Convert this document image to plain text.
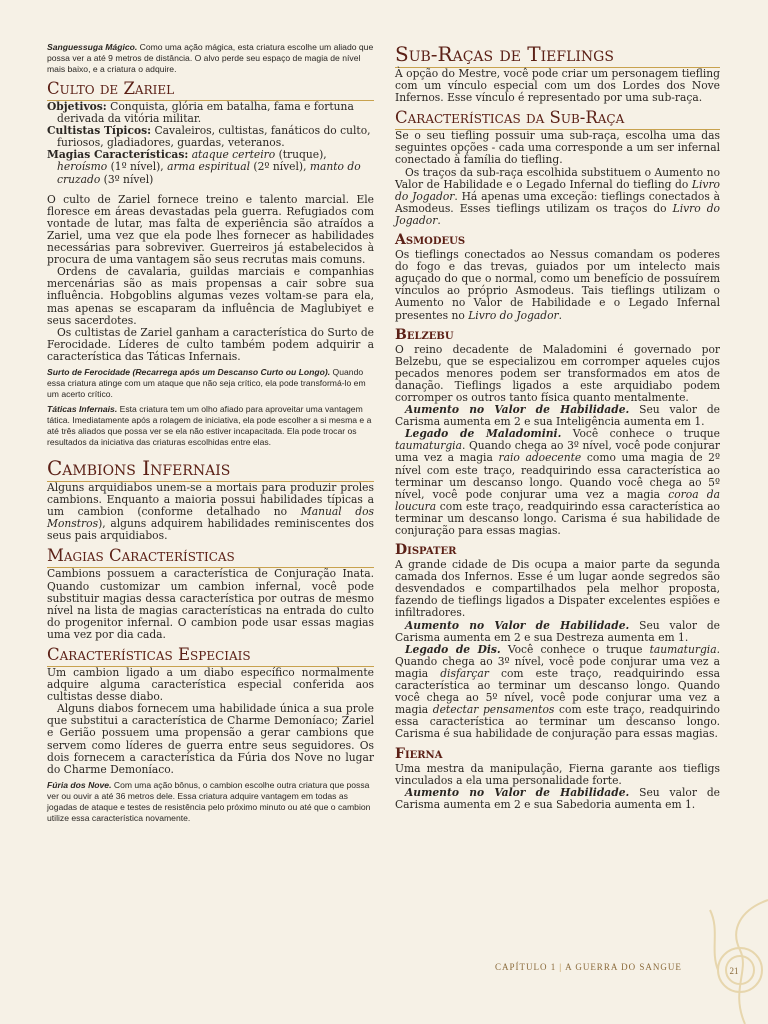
Sanguessuga Mágico. Como uma ação mágica, esta criatura escolhe um aliado que possa ver a até 9 metros de distância. O alvo perde seu espaço de magia de nível mais baixo, e a criatura o adquire.

Culto de Zariel

Objetivos: Conquista, glória em batalha, fama e fortuna derivada da vitória militar.

Cultistas Típicos: Cavaleiros, cultistas, fanáticos do culto, furiosos, gladiadores, guardas, veteranos.

Magias Características: ataque certeiro (truque), heroísmo (1º nível), arma espiritual (2º nível), manto do cruzado (3º nível)

O culto de Zariel fornece treino e talento marcial. Ele floresce em áreas devastadas pela guerra. Refugiados com vontade de lutar, mas falta de experiência são atraídos a Zariel, uma vez que ela pode lhes fornecer as habilidades necessárias para sobreviver. Guerreiros já estabelecidos à procura de uma vantagem são seus recrutas mais comuns.

Ordens de cavalaria, guildas marciais e companhias mercenárias são as mais propensas a cair sobre sua influência. Hobgoblins algumas vezes voltam-se para ela, mas apenas se escaparam da influência de Maglubiyet e seus sacerdotes.

Os cultistas de Zariel ganham a característica do Surto de Ferocidade. Líderes de culto também podem adquirir a característica das Táticas Infernais.

Surto de Ferocidade (Recarrega após um Descanso Curto ou Longo). Quando essa criatura atinge com um ataque que não seja crítico, ela pode transformá-lo em um acerto crítico.

Táticas Infernais. Esta criatura tem um olho afiado para aproveitar uma vantagem tática. Imediatamente após a rolagem de iniciativa, ela pode escolher a si mesma e a até três aliados que possa ver se ela não estiver incapacitada. Ela pode trocar os resultados da iniciativa das criaturas escolhidas entre elas.

Cambions Infernais

Alguns arquidiabos unem-se a mortais para produzir proles cambions. Enquanto a maioria possui habilidades típicas a um cambion (conforme detalhado no Manual dos Monstros), alguns adquirem habilidades reminiscentes dos seus pais arquidiabos.

Magias Características

Cambions possuem a característica de Conjuração Inata. Quando customizar um cambion infernal, você pode substituir magias dessa característica por outras de mesmo nível na lista de magias características na entrada do culto do progenitor infernal. O cambion pode usar essas magias uma vez por dia cada.

Características Especiais

Um cambion ligado a um diabo específico normalmente adquire alguma característica especial conferida aos cultistas desse diabo.

Alguns diabos fornecem uma habilidade única a sua prole que substitui a característica de Charme Demoníaco; Zariel e Gerião possuem uma propensão a gerar cambions que servem como líderes de guerra entre seus seguidores. Os dois fornecem a característica da Fúria dos Nove no lugar do Charme Demoníaco.

Fúria dos Nove. Com uma ação bônus, o cambion escolhe outra criatura que possa ver ou ouvir a até 36 metros dele. Essa criatura adquire vantagem em todas as jogadas de ataque e testes de resistência pelo próximo minuto ou até que o cambion utilize essa característica novamente.

Sub-Raças de Tieflings

À opção do Mestre, você pode criar um personagem tiefling com um vínculo especial com um dos Lordes dos Nove Infernos. Esse vínculo é representado por uma sub-raça.

Características da Sub-Raça

Se o seu tiefling possuir uma sub-raça, escolha uma das seguintes opções - cada uma corresponde a um ser infernal conectado à família do tiefling.

Os traços da sub-raça escolhida substituem o Aumento no Valor de Habilidade e o Legado Infernal do tiefling do Livro do Jogador. Há apenas uma exceção: tieflings conectados à Asmodeus. Esses tieflings utilizam os traços do Livro do Jogador.

Asmodeus

Os tieflings conectados ao Nessus comandam os poderes do fogo e das trevas, guiados por um intelecto mais aguçado do que o normal, como um benefício de possuírem vínculos ao próprio Asmodeus. Tais tieflings utilizam o Aumento no Valor de Habilidade e o Legado Infernal presentes no Livro do Jogador.

Belzebu

O reino decadente de Maladomini é governado por Belzebu, que se especializou em corromper aqueles cujos pecados menores podem ser transformados em atos de danação. Tieflings ligados a este arquidiabo podem corromper os outros tanto física quanto mentalmente.

Aumento no Valor de Habilidade. Seu valor de Carisma aumenta em 2 e sua Inteligência aumenta em 1.

Legado de Maladomini. Você conhece o truque taumaturgia. Quando chega ao 3º nível, você pode conjurar uma vez a magia raio adoecente como uma magia de 2º nível com este traço, readquirindo essa característica ao terminar um descanso longo. Quando você chega ao 5º nível, você pode conjurar uma vez a magia coroa da loucura com este traço, readquirindo essa característica ao terminar um descanso longo. Carisma é sua habilidade de conjuração para essas magias.

Dispater

A grande cidade de Dis ocupa a maior parte da segunda camada dos Infernos. Esse é um lugar aonde segredos são desvendados e compartilhados pela melhor proposta, fazendo de tieflings ligados a Dispater excelentes espiões e infiltradores.

Aumento no Valor de Habilidade. Seu valor de Carisma aumenta em 2 e sua Destreza aumenta em 1.

Legado de Dis. Você conhece o truque taumaturgia. Quando chega ao 3º nível, você pode conjurar uma vez a magia disfarçar com este traço, readquirindo essa característica ao terminar um descanso longo. Quando você chega ao 5º nível, você pode conjurar uma vez a magia detectar pensamentos com este traço, readquirindo essa característica ao terminar um descanso longo. Carisma é sua habilidade de conjuração para essas magias.

Fierna

Uma mestra da manipulação, Fierna garante aos tiefligs vinculados a ela uma personalidade forte.

Aumento no Valor de Habilidade. Seu valor de Carisma aumenta em 2 e sua Sabedoria aumenta em 1.

CAPÍTULO 1 | A GUERRA DO SANGUE	21
